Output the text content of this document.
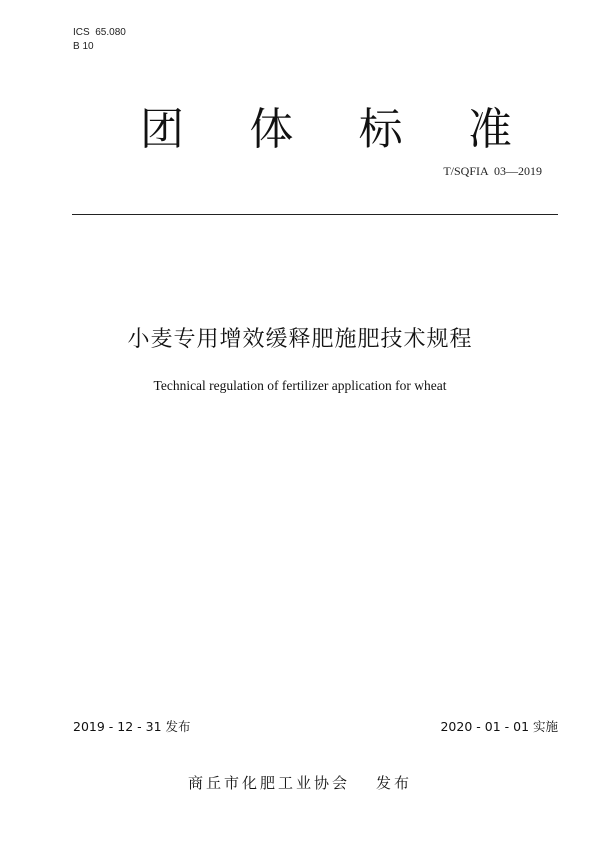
ICS  65.080
B 10
团 体 标 准
T/SQFIA  03—2019
小麦专用增效缓释肥施肥技术规程
Technical regulation of fertilizer application for wheat
2019 - 12 - 31 发布	2020 - 01 - 01 实施
商丘市化肥工业协会 发布
